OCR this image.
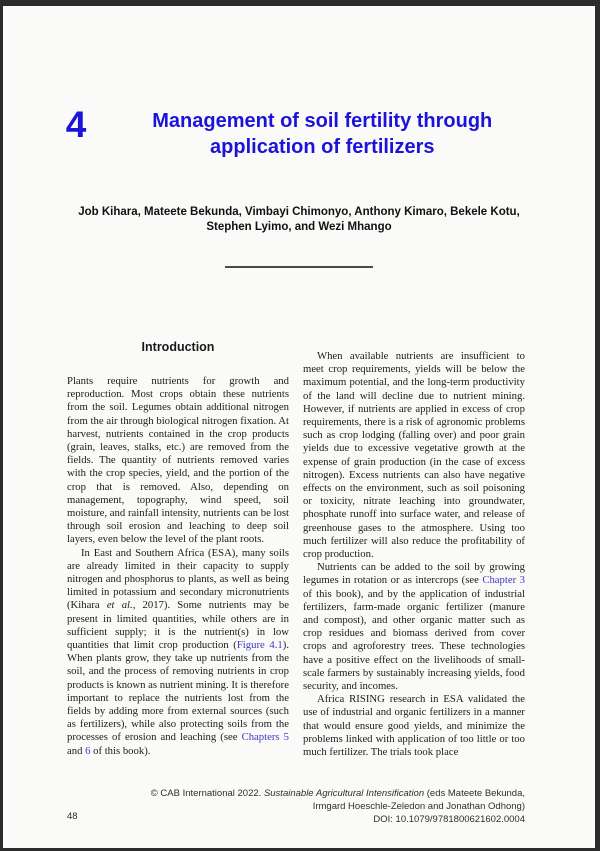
4	Management of soil fertility through application of fertilizers
Job Kihara, Mateete Bekunda, Vimbayi Chimonyo, Anthony Kimaro, Bekele Kotu, Stephen Lyimo, and Wezi Mhango
Introduction

Plants require nutrients for growth and reproduction. Most crops obtain these nutrients from the soil. Legumes obtain additional nitrogen from the air through biological nitrogen fixation. At harvest, nutrients contained in the crop products (grain, leaves, stalks, etc.) are removed from the fields. The quantity of nutrients removed varies with the crop species, yield, and the portion of the crop that is removed. Also, depending on management, topography, wind speed, soil moisture, and rainfall intensity, nutrients can be lost through soil erosion and leaching to deep soil layers, even below the level of the plant roots.

In East and Southern Africa (ESA), many soils are already limited in their capacity to supply nitrogen and phosphorus to plants, as well as being limited in potassium and secondary micronutrients (Kihara et al., 2017). Some nutrients may be present in limited quantities, while others are in sufficient supply; it is the nutrient(s) in low quantities that limit crop production (Figure 4.1). When plants grow, they take up nutrients from the soil, and the process of removing nutrients in crop products is known as nutrient mining. It is therefore important to replace the nutrients lost from the fields by adding more from external sources (such as fertilizers), while also protecting soils from the processes of erosion and leaching (see Chapters 5 and 6 of this book).

When available nutrients are insufficient to meet crop requirements, yields will be below the maximum potential, and the long-term productivity of the land will decline due to nutrient mining. However, if nutrients are applied in excess of crop requirements, there is a risk of agronomic problems such as crop lodging (falling over) and poor grain yields due to excessive vegetative growth at the expense of grain production (in the case of excess nitrogen). Excess nutrients can also have negative effects on the environment, such as soil poisoning or toxicity, nitrate leaching into groundwater, phosphate runoff into surface water, and release of greenhouse gases to the atmosphere. Using too much fertilizer will also reduce the profitability of crop production.

Nutrients can be added to the soil by growing legumes in rotation or as intercrops (see Chapter 3 of this book), and by the application of industrial fertilizers, farm-made organic fertilizer (manure and compost), and other organic matter such as crop residues and biomass derived from cover crops and agroforestry trees. These technologies have a positive effect on the livelihoods of small-scale farmers by sustainably increasing yields, food security, and incomes.

Africa RISING research in ESA validated the use of industrial and organic fertilizers in a manner that would ensure good yields, and minimize the problems linked with application of too little or too much fertilizer. The trials took place

48
© CAB International 2022. Sustainable Agricultural Intensification (eds Mateete Bekunda,
Irmgard Hoeschle-Zeledon and Jonathan Odhong)
DOI: 10.1079/9781800621602.0004
